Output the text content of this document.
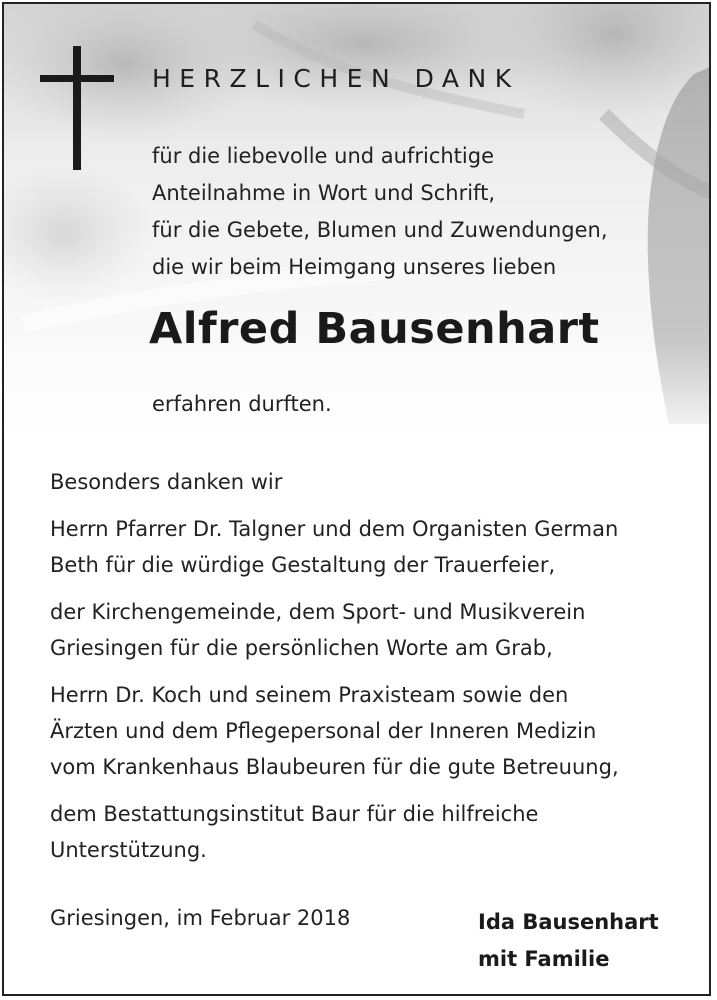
HERZLICHEN DANK
für die liebevolle und aufrichtige
Anteilnahme in Wort und Schrift,
für die Gebete, Blumen und Zuwendungen,
die wir beim Heimgang unseres lieben
Alfred Bausenhart
erfahren durften.

Besonders danken wir

Herrn Pfarrer Dr. Talgner und dem Organisten German
Beth für die würdige Gestaltung der Trauerfeier,

der Kirchengemeinde, dem Sport- und Musikverein
Griesingen für die persönlichen Worte am Grab,

Herrn Dr. Koch und seinem Praxisteam sowie den
Ärzten und dem Pflegepersonal der Inneren Medizin
vom Krankenhaus Blaubeuren für die gute Betreuung,

dem Bestattungsinstitut Baur für die hilfreiche
Unterstützung.

Griesingen, im Februar 2018	Ida Bausenhart
mit Familie
